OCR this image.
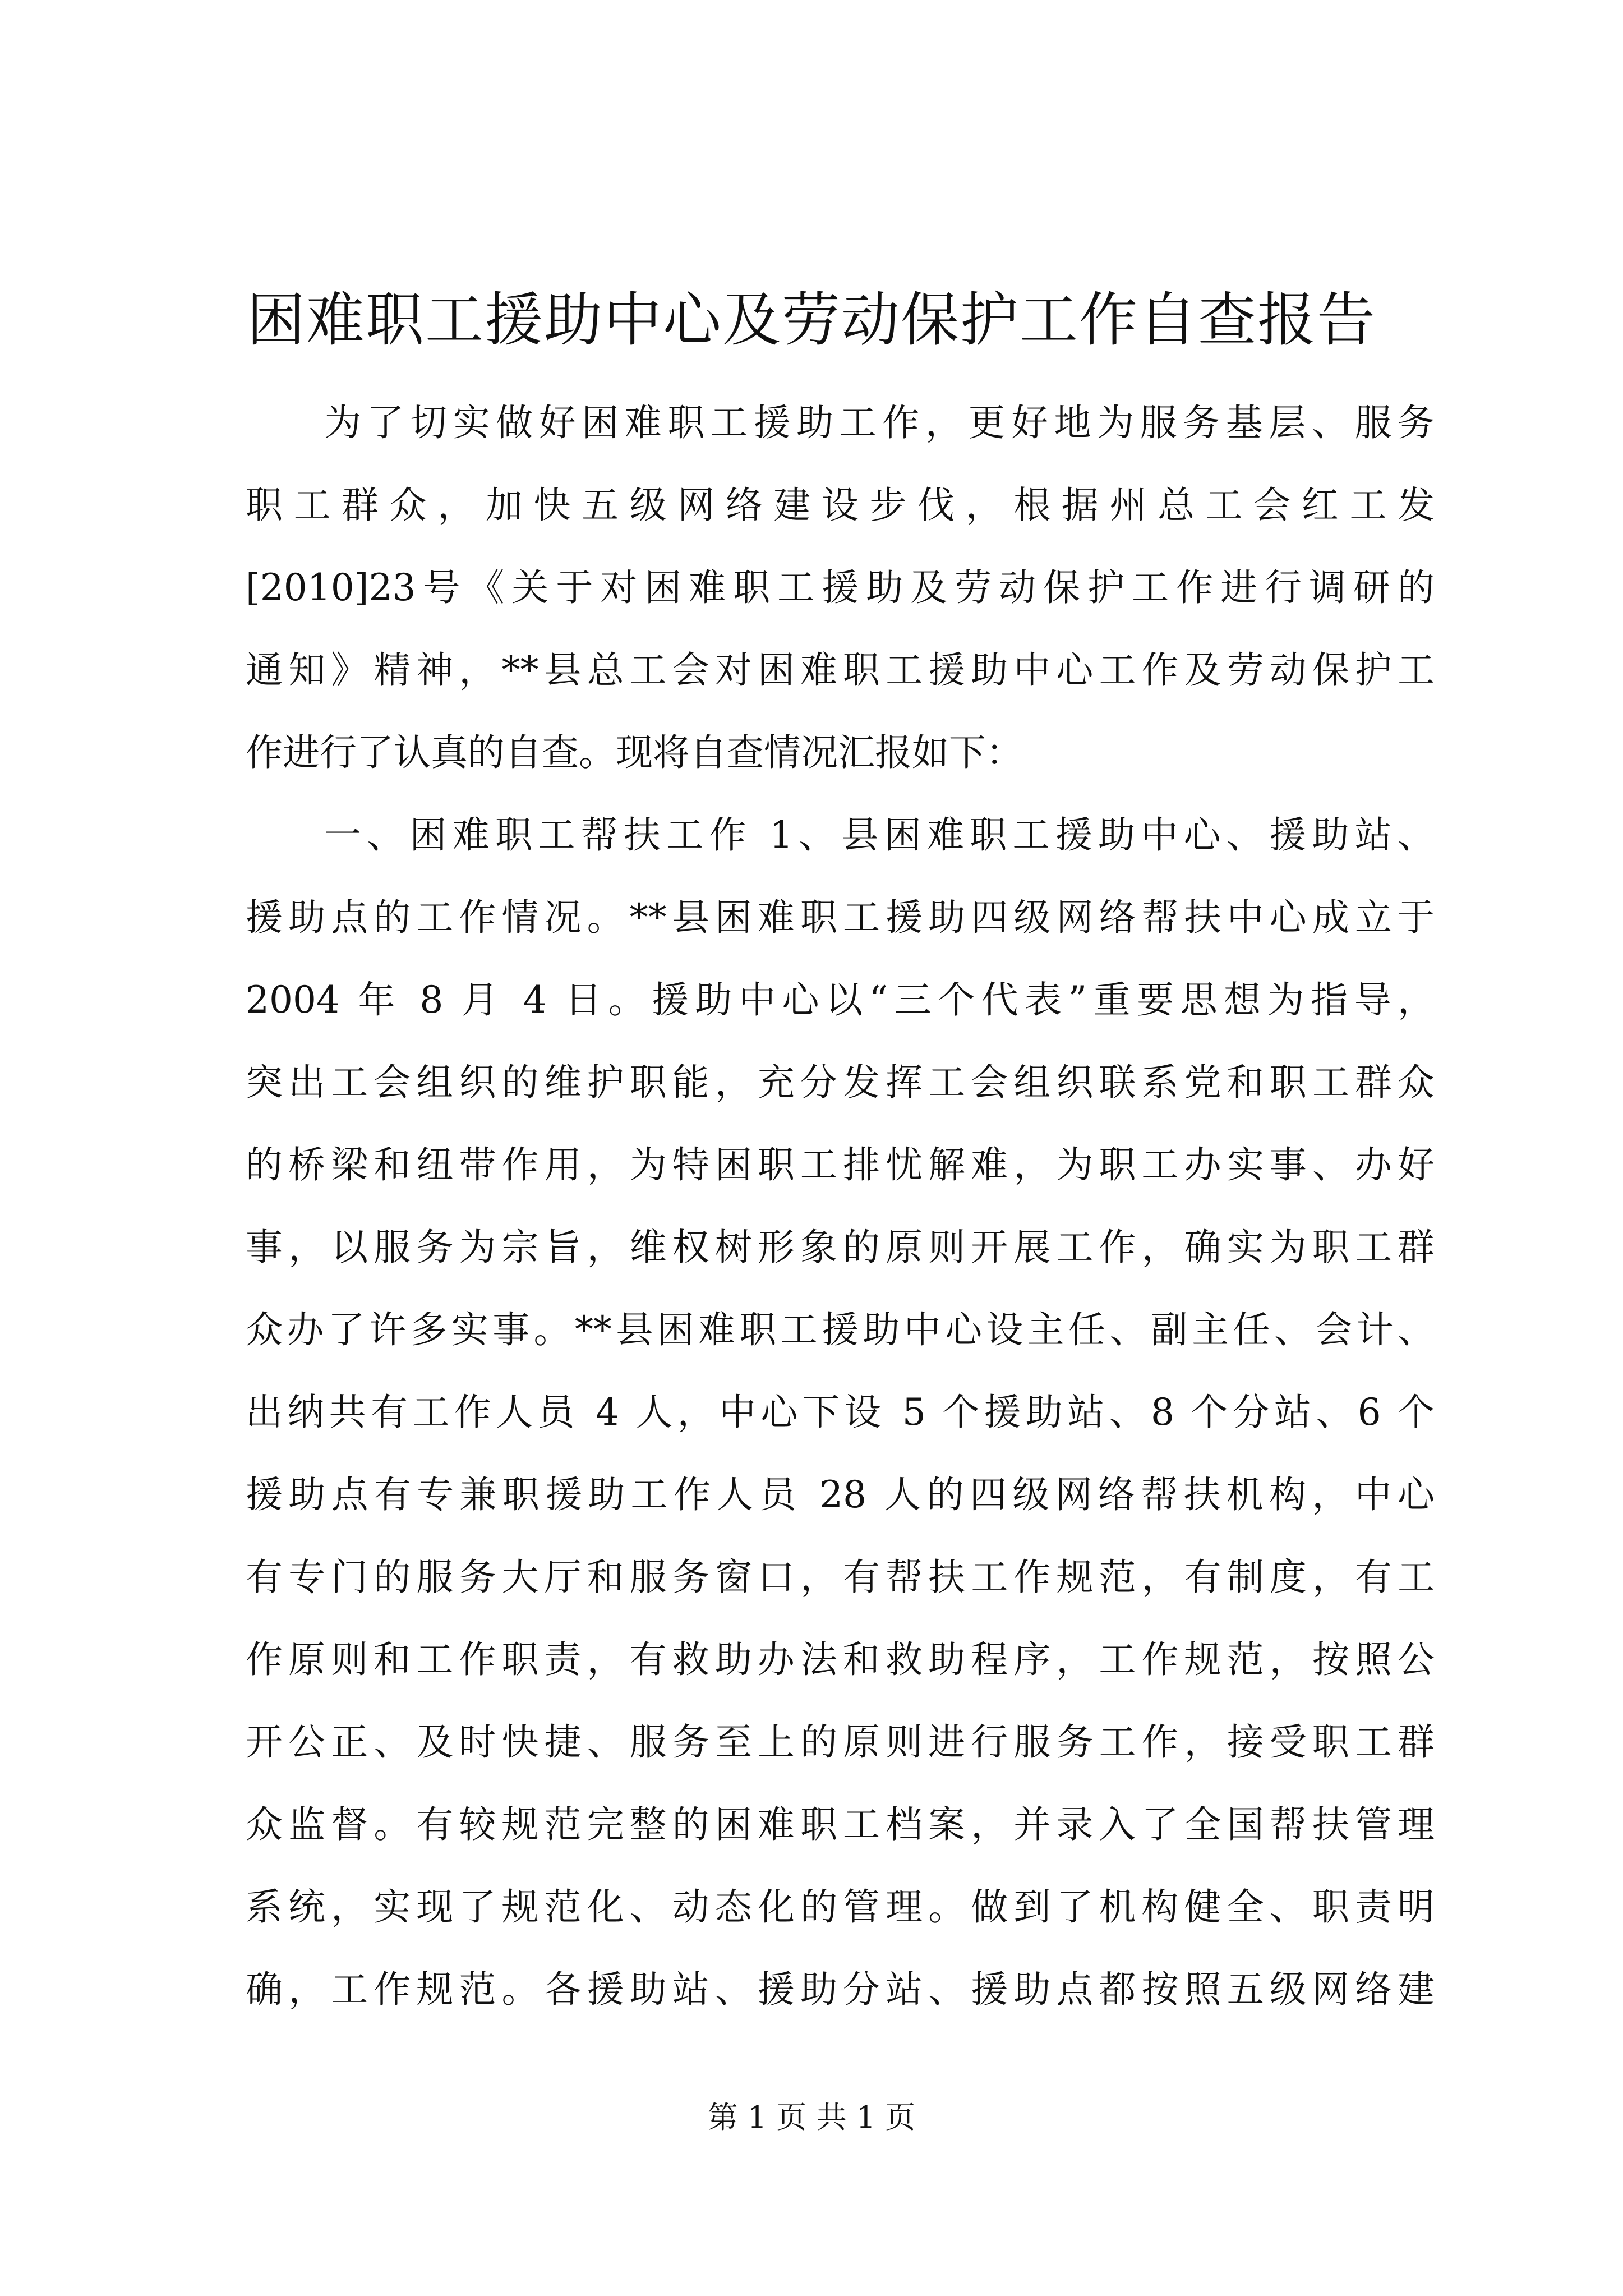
困难职工援助中心及劳动保护工作自查报告
为了切实做好困难职工援助工作，更好地为服务基层、服务
职工群众，加快五级网络建设步伐，根据州总工会红工发
[2010]23号《关于对困难职工援助及劳动保护工作进行调研的
通知》精神，**县总工会对困难职工援助中心工作及劳动保护工
作进行了认真的自查。现将自查情况汇报如下：
一、困难职工帮扶工作 1、县困难职工援助中心、援助站、
援助点的工作情况。**县困难职工援助四级网络帮扶中心成立于
2004 年 8 月 4 日。援助中心以“三个代表”重要思想为指导，
突出工会组织的维护职能，充分发挥工会组织联系党和职工群众
的桥梁和纽带作用，为特困职工排忧解难，为职工办实事、办好
事，以服务为宗旨，维权树形象的原则开展工作，确实为职工群
众办了许多实事。**县困难职工援助中心设主任、副主任、会计、
出纳共有工作人员 4 人，中心下设 5 个援助站、8 个分站、6 个
援助点有专兼职援助工作人员 28 人的四级网络帮扶机构，中心
有专门的服务大厅和服务窗口，有帮扶工作规范，有制度，有工
作原则和工作职责，有救助办法和救助程序，工作规范，按照公
开公正、及时快捷、服务至上的原则进行服务工作，接受职工群
众监督。有较规范完整的困难职工档案，并录入了全国帮扶管理
系统，实现了规范化、动态化的管理。做到了机构健全、职责明
确，工作规范。各援助站、援助分站、援助点都按照五级网络建
第 1 页 共 1 页
